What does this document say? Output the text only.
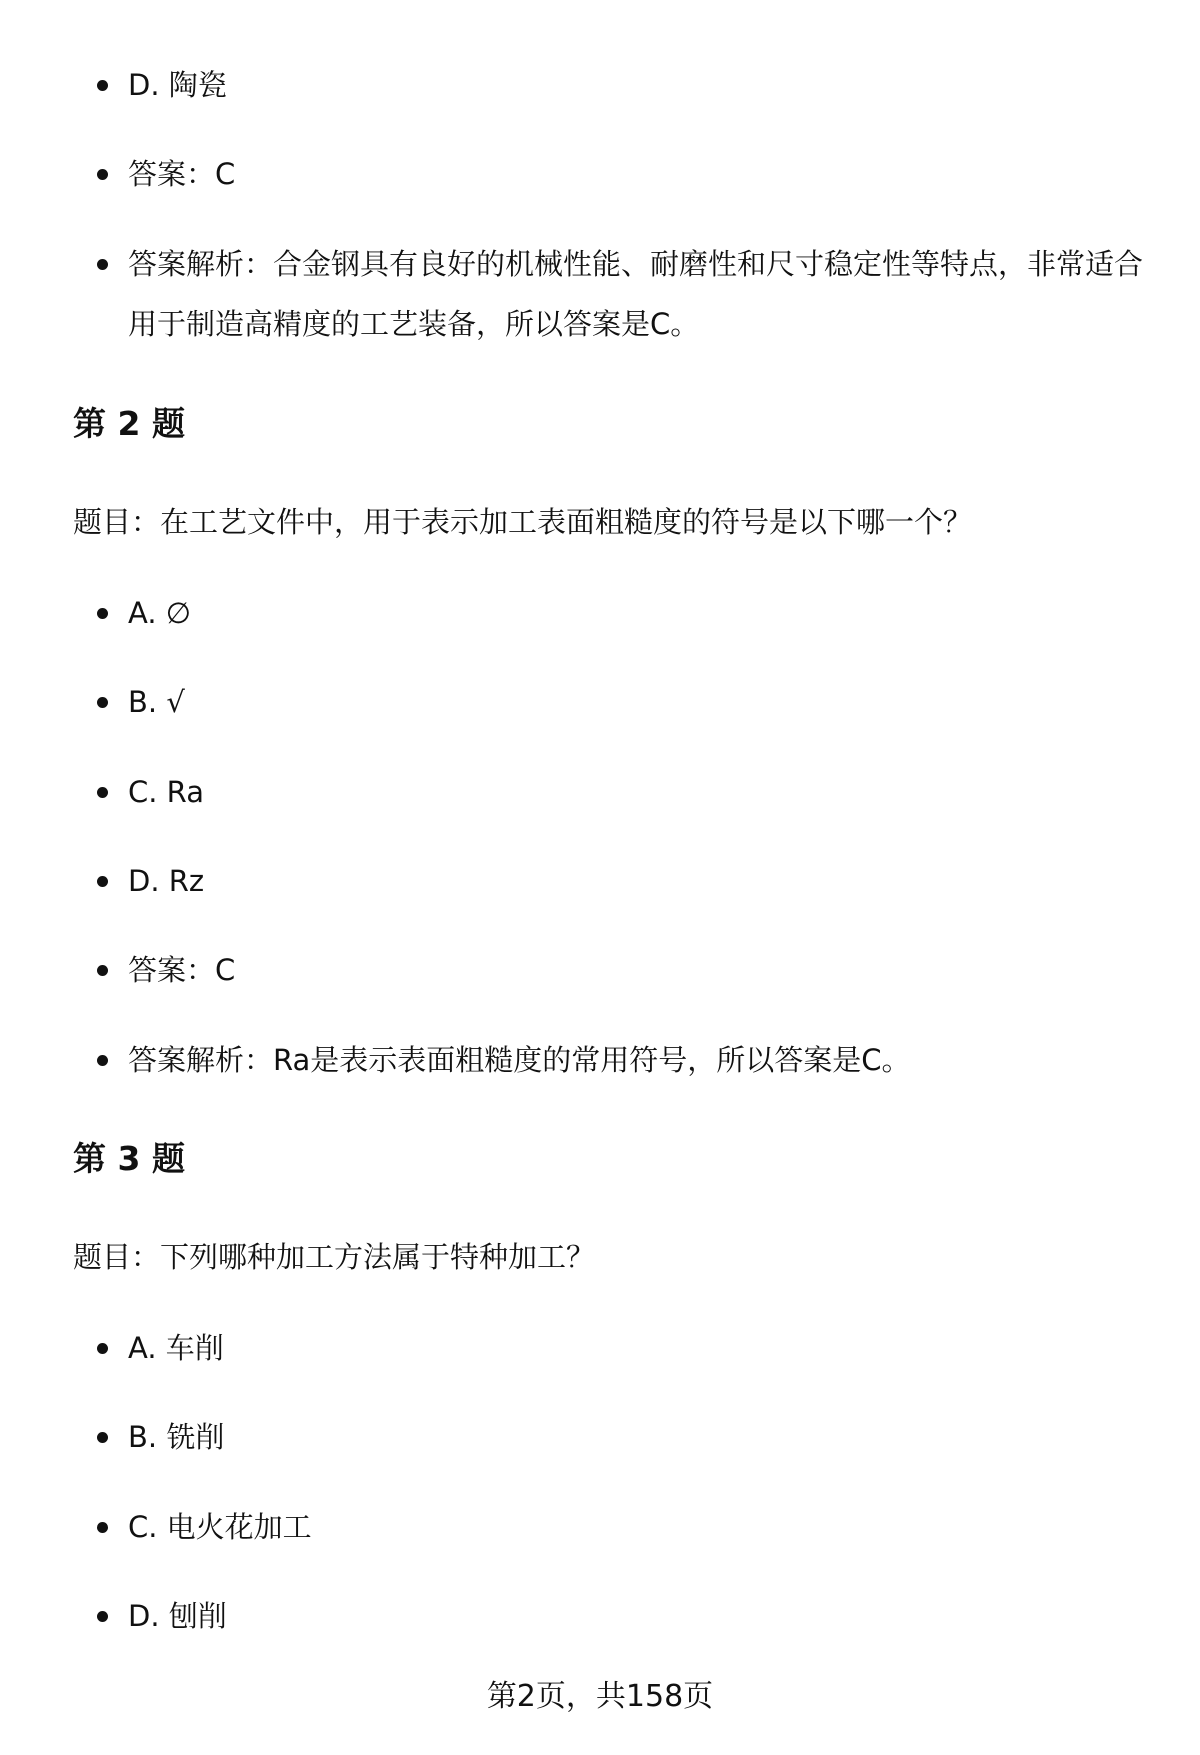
D. 陶瓷
答案：C
答案解析：合金钢具有良好的机械性能、耐磨性和尺寸稳定性等特点，非常适合用于制造高精度的工艺装备，所以答案是C。
第 2 题
题目：在工艺文件中，用于表示加工表面粗糙度的符号是以下哪一个？
A. ∅
B. √
C. Ra
D. Rz
答案：C
答案解析：Ra是表示表面粗糙度的常用符号，所以答案是C。
第 3 题
题目：下列哪种加工方法属于特种加工？
A. 车削
B. 铣削
C. 电火花加工
D. 刨削
第2页，共158页
